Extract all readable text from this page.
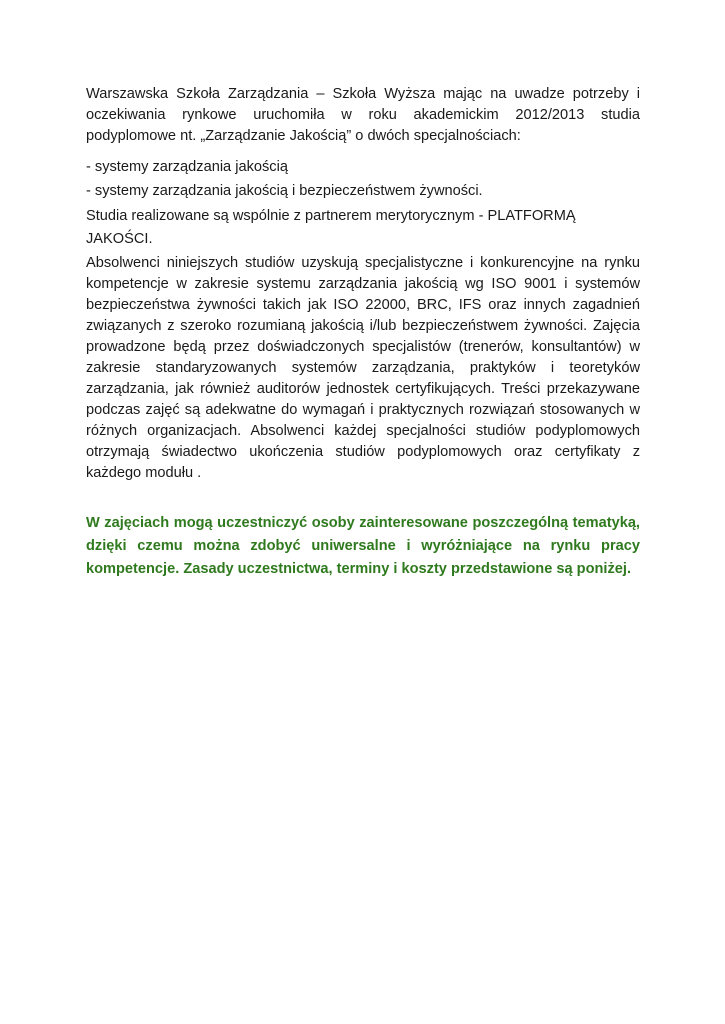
Warszawska Szkoła Zarządzania – Szkoła Wyższa mając na uwadze potrzeby i oczekiwania rynkowe uruchomiła w roku akademickim 2012/2013 studia podyplomowe nt. „Zarządzanie Jakością” o dwóch specjalnościach:

- systemy zarządzania jakością

- systemy zarządzania jakością i bezpieczeństwem żywności.

Studia realizowane są wspólnie z partnerem merytorycznym - PLATFORMĄ JAKOŚCI.

Absolwenci niniejszych studiów uzyskują specjalistyczne i konkurencyjne na rynku kompetencje w zakresie systemu zarządzania jakością wg ISO 9001 i systemów bezpieczeństwa żywności takich jak ISO 22000, BRC, IFS oraz innych zagadnień związanych z szeroko rozumianą jakością i/lub bezpieczeństwem żywności. Zajęcia prowadzone będą przez doświadczonych specjalistów (trenerów, konsultantów) w zakresie standaryzowanych systemów zarządzania, praktyków i teoretyków zarządzania, jak również auditorów jednostek certyfikujących. Treści przekazywane podczas zajęć są adekwatne do wymagań i praktycznych rozwiązań stosowanych w różnych organizacjach. Absolwenci każdej specjalności studiów podyplomowych otrzymają świadectwo ukończenia studiów podyplomowych oraz certyfikaty z każdego modułu .

W zajęciach mogą uczestniczyć osoby zainteresowane poszczególną tematyką, dzięki czemu można zdobyć uniwersalne i wyróżniające na rynku pracy kompetencje. Zasady uczestnictwa, terminy i koszty przedstawione są poniżej.
